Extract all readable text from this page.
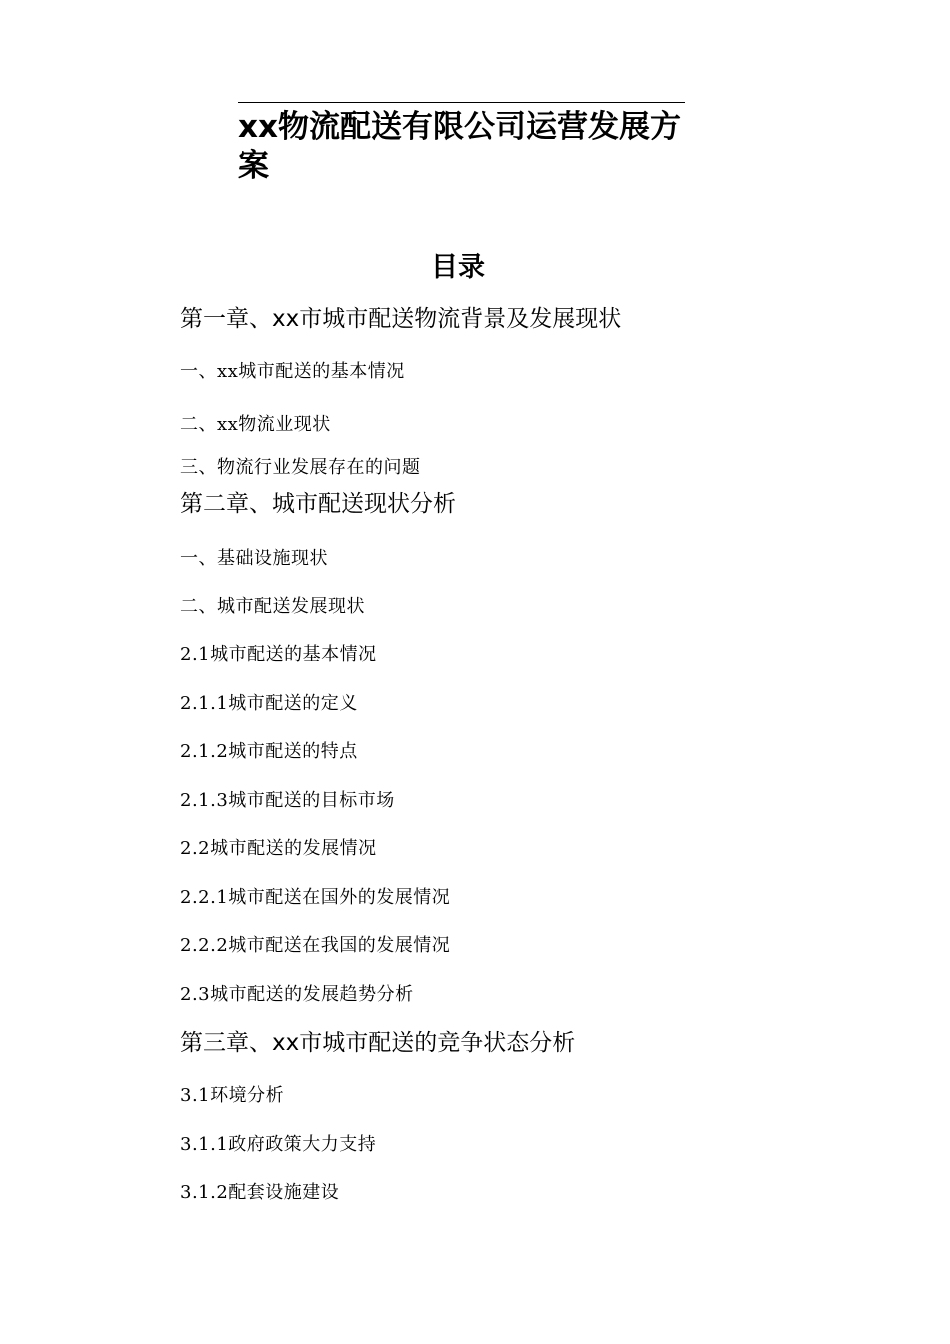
xx物流配送有限公司运营发展方案
目录

第一章、xx市城市配送物流背景及发展现状

一、xx城市配送的基本情况

二、xx物流业现状

三、物流行业发展存在的问题

第二章、城市配送现状分析

一、基础设施现状

二、城市配送发展现状

2.1城市配送的基本情况

2.1.1城市配送的定义

2.1.2城市配送的特点

2.1.3城市配送的目标市场

2.2城市配送的发展情况

2.2.1城市配送在国外的发展情况

2.2.2城市配送在我国的发展情况

2.3城市配送的发展趋势分析

第三章、xx市城市配送的竞争状态分析

3.1环境分析

3.1.1政府政策大力支持

3.1.2配套设施建设
